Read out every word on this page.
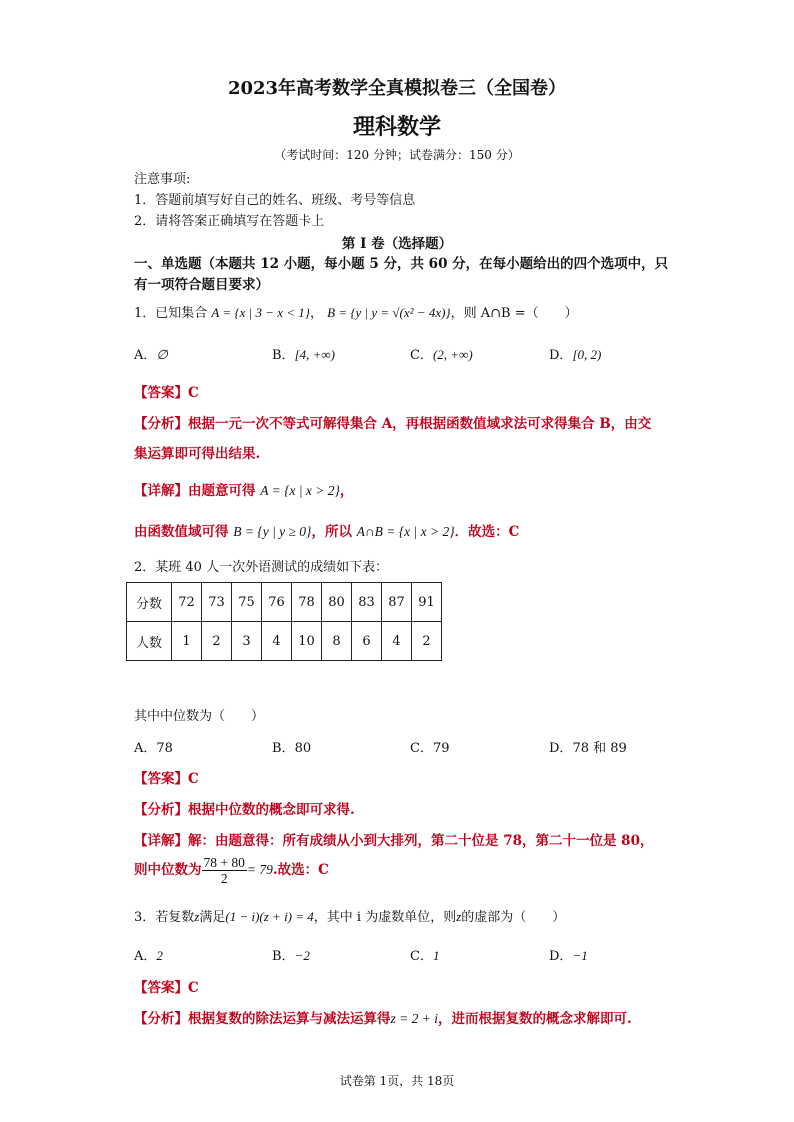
2023年高考数学全真模拟卷三（全国卷）
理科数学
（考试时间：120 分钟；试卷满分：150 分）
注意事项:
1．答题前填写好自己的姓名、班级、考号等信息
2．请将答案正确填写在答题卡上
第 I 卷（选择题）
一、单选题（本题共 12 小题，每小题 5 分，共 60 分，在每小题给出的四个选项中，只
有一项符合题目要求）
1．已知集合 A = {x | 3 − x < 1}， B = {y | y = √(x² − 4x)}，则 A∩B =（　　）
A．∅	B．[4, +∞)	C．(2, +∞)	D．[0, 2)
【答案】C
【分析】根据一元一次不等式可解得集合 A，再根据函数值域求法可求得集合 B，由交
集运算即可得出结果.
【详解】由题意可得 A = {x | x > 2}，
由函数值域可得 B = {y | y ≥ 0}，所以 A∩B = {x | x > 2}．故选：C
2．某班 40 人一次外语测试的成绩如下表：
分数	72	73	75	76	78	80	83	87	91
人数	1	2	3	4	10	8	6	4	2
其中中位数为（　　）
A．78	B．80	C．79	D．78 和 89
【答案】C
【分析】根据中位数的概念即可求得.
【详解】解：由题意得：所有成绩从小到大排列，第二十位是 78，第二十一位是 80，
则中位数为 $\frac{78 + 80}{2} = 79$.故选：C
3．若复数z满足(1 − i)(z + i) = 4，其中 i 为虚数单位，则z的虚部为（　　）
A．2	B．−2	C．1	D．−1
【答案】C
【分析】根据复数的除法运算与减法运算得z = 2 + i，进而根据复数的概念求解即可.
试卷第 1页，共 18页
